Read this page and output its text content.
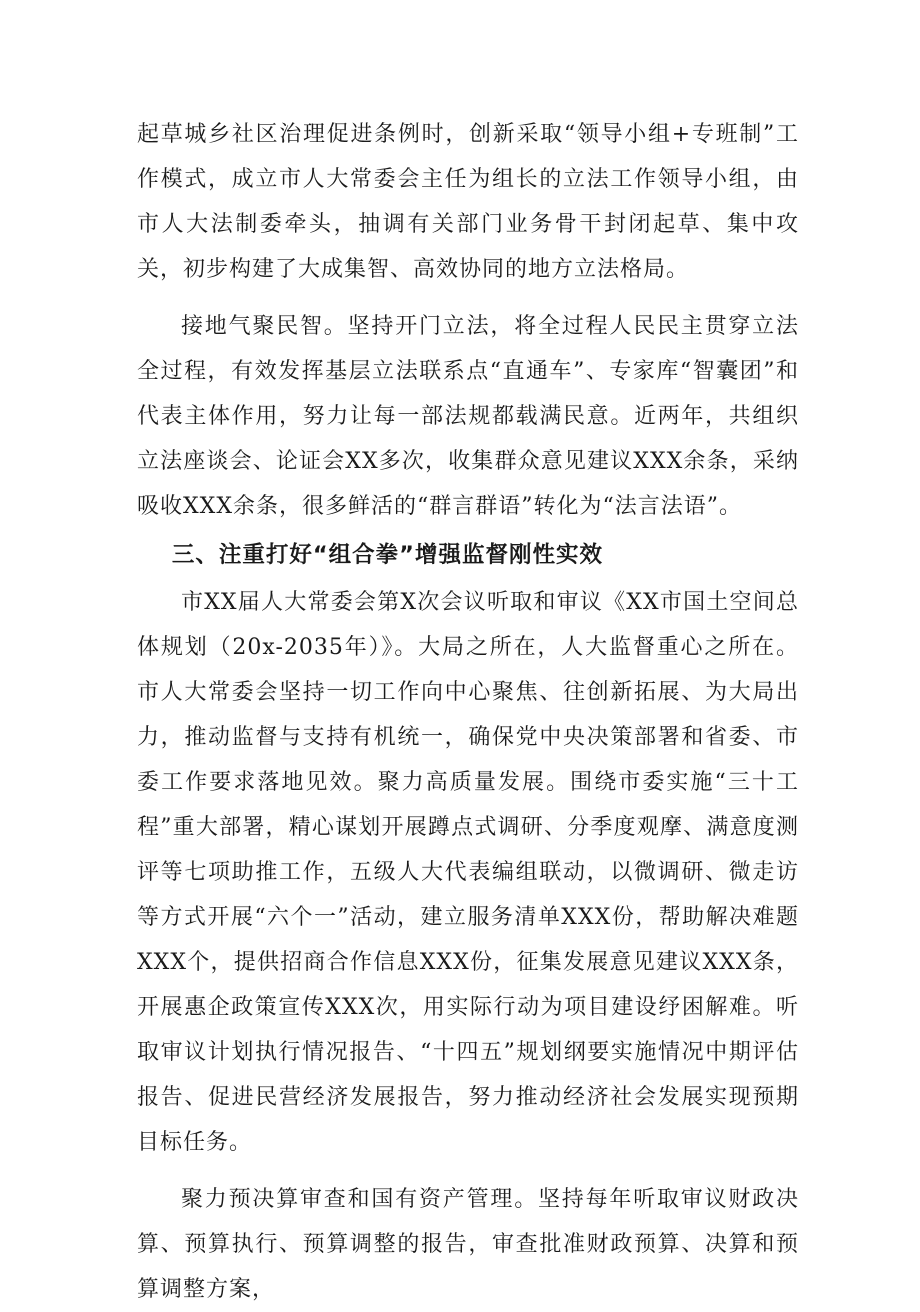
起草城乡社区治理促进条例时，创新采取“领导小组+专班制”工作模式，成立市人大常委会主任为组长的立法工作领导小组，由市人大法制委牵头，抽调有关部门业务骨干封闭起草、集中攻关，初步构建了大成集智、高效协同的地方立法格局。

接地气聚民智。坚持开门立法，将全过程人民民主贯穿立法全过程，有效发挥基层立法联系点“直通车”、专家库“智囊团”和代表主体作用，努力让每一部法规都载满民意。近两年，共组织立法座谈会、论证会XX多次，收集群众意见建议XXX余条，采纳吸收XXX余条，很多鲜活的“群言群语”转化为“法言法语”。

三、注重打好“组合拳”增强监督刚性实效

市XX届人大常委会第X次会议听取和审议《XX市国土空间总体规划（20x-2035年）》。大局之所在，人大监督重心之所在。市人大常委会坚持一切工作向中心聚焦、往创新拓展、为大局出力，推动监督与支持有机统一，确保党中央决策部署和省委、市委工作要求落地见效。聚力高质量发展。围绕市委实施“三十工程”重大部署，精心谋划开展蹲点式调研、分季度观摩、满意度测评等七项助推工作，五级人大代表编组联动，以微调研、微走访等方式开展“六个一”活动，建立服务清单XXX份，帮助解决难题XXX个，提供招商合作信息XXX份，征集发展意见建议XXX条，开展惠企政策宣传XXX次，用实际行动为项目建设纾困解难。听取审议计划执行情况报告、“十四五”规划纲要实施情况中期评估报告、促进民营经济发展报告，努力推动经济社会发展实现预期目标任务。

聚力预决算审查和国有资产管理。坚持每年听取审议财政决算、预算执行、预算调整的报告，审查批准财政预算、决算和预算调整方案，
